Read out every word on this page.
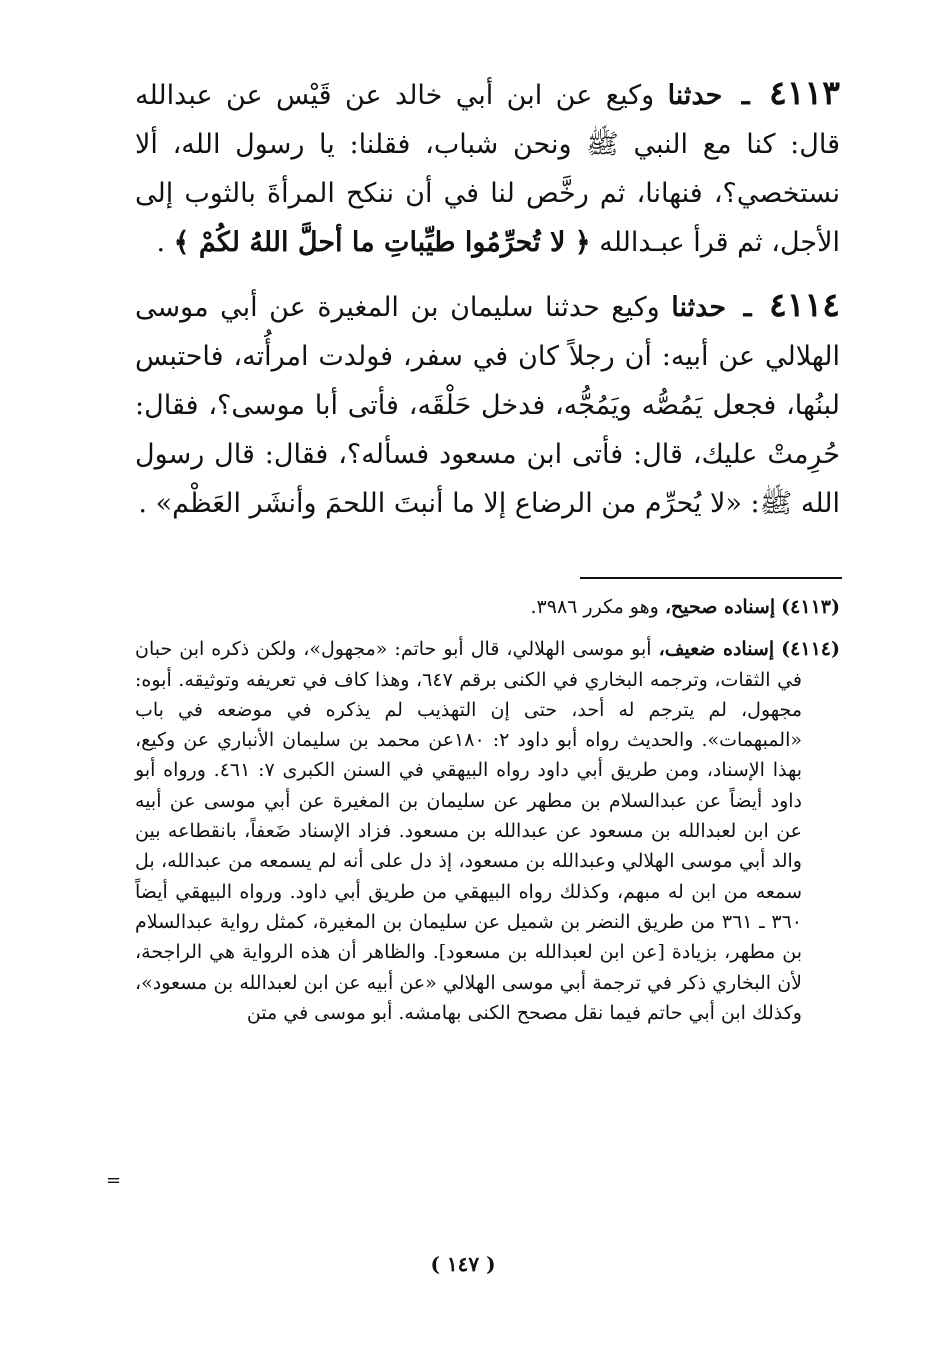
٤١١٣ ـ حدثنا وكيع عن ابن أبي خالد عن قَيْس عن عبدالله قال: كنا مع النبي ﷺ ونحن شباب، فقلنا: يا رسول الله، ألا نستخصي؟، فنهانا، ثم رخَّص لنا في أن ننكح المرأةَ بالثوب إلى الأجل، ثم قرأ عبـدالله ﴿ لا تُحرِّمُوا طيِّباتِ ما أحلَّ اللهُ لكُمْ ﴾ .

٤١١٤ ـ حدثنا وكيع حدثنا سليمان بن المغيرة عن أبي موسى الهلالي عن أبيه: أن رجلاً كان في سفر، فولدت امرأُته، فاحتبس لبنُها، فجعل يَمُصُّه ويَمُجُّه، فدخل حَلْقَه، فأتى أبا موسى؟، فقال: حُرِمتْ عليك، قال: فأتى ابن مسعود فسأله؟، فقال: قال رسول الله ﷺ: «لا يُحرِّم من الرضاع إلا ما أنبتَ اللحمَ وأنشَر العَظْم» .

(٤١١٣) إسناده صحيح، وهو مكرر ٣٩٨٦.

(٤١١٤) إسناده ضعيف، أبو موسى الهلالي، قال أبو حاتم: «مجهول»، ولكن ذكره ابن حبان في الثقات، وترجمه البخاري في الكنى برقم ٦٤٧، وهذا كاف في تعريفه وتوثيقه. أبوه: مجهول، لم يترجم له أحد، حتى إن التهذيب لم يذكره في موضعه في باب «المبهمات». والحديث رواه أبو داود ٢: ١٨٠عن محمد بن سليمان الأنباري عن وكيع، بهذا الإسناد، ومن طريق أبي داود رواه البيهقي في السنن الكبرى ٧: ٤٦١. ورواه أبو داود أيضاً عن عبدالسلام بن مطهر عن سليمان بن المغيرة عن أبي موسى عن أبيه عن ابن لعبدالله بن مسعود عن عبدالله بن مسعود. فزاد الإسناد ضَعفاً، بانقطاعه بين والد أبي موسى الهلالي وعبدالله بن مسعود، إذ دل على أنه لم يسمعه من عبدالله، بل سمعه من ابن له مبهم، وكذلك رواه البيهقي من طريق أبي داود. ورواه البيهقي أيضاً ٣٦٠ ـ ٣٦١ من طريق النضر بن شميل عن سليمان بن المغيرة، كمثل رواية عبدالسلام بن مطهر، بزيادة [عن ابن لعبدالله بن مسعود]. والظاهر أن هذه الرواية هي الراجحة، لأن البخاري ذكر في ترجمة أبي موسى الهلالي «عن أبيه عن ابن لعبدالله بن مسعود»، وكذلك ابن أبي حاتم فيما نقل مصحح الكنى بهامشه. أبو موسى في متن

=
( ١٤٧ )
